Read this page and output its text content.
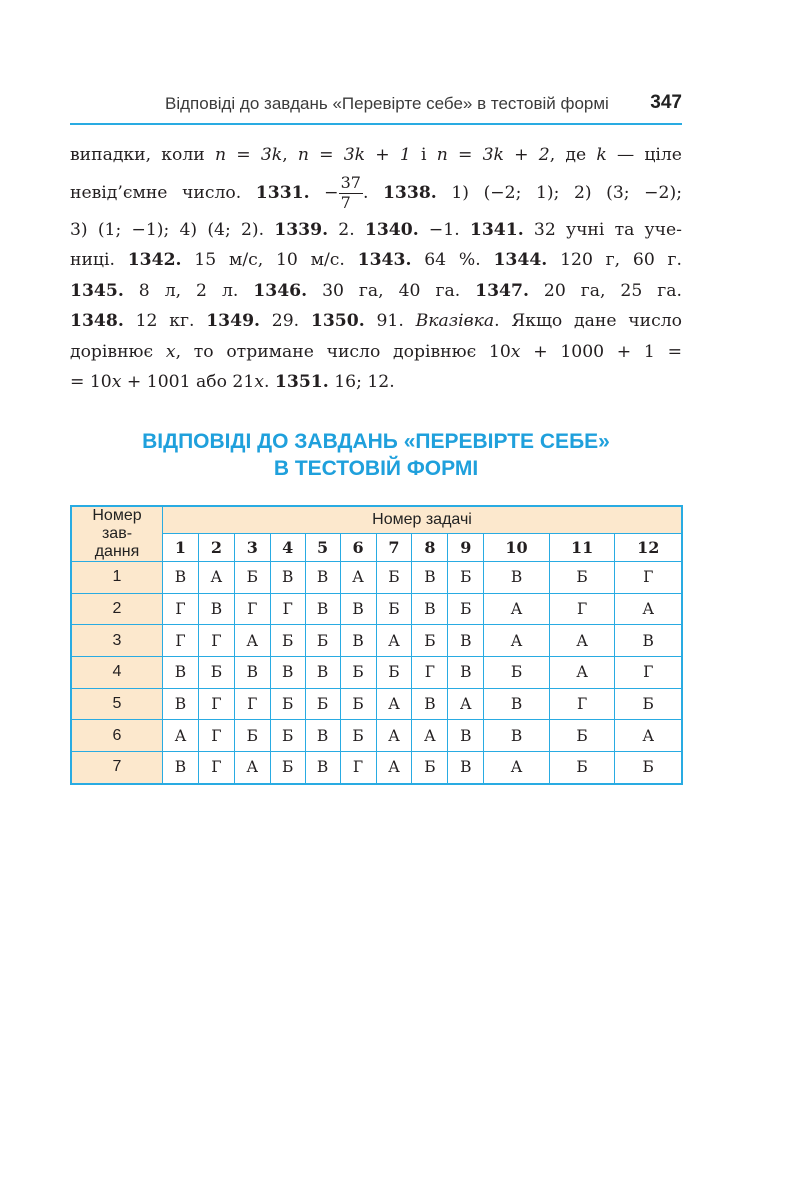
Відповіді до завдань «Перевірте себе» в тестовій формі 347
випадки, коли n = 3k, n = 3k + 1 і n = 3k + 2, де k — ціле
невід’ємне число. 1331. − $\frac{37}{7}$ . 1338. 1) (−2; 1); 2) (3; −2);
3) (1; −1); 4) (4; 2). 1339. 2. 1340. −1. 1341. 32 учні та уче-
ниці. 1342. 15 м/с, 10 м/с. 1343. 64 %. 1344. 120 г, 60 г.
1345. 8 л, 2 л. 1346. 30 га, 40 га. 1347. 20 га, 25 га.
1348. 12 кг. 1349. 29. 1350. 91. Вказівка. Якщо дане число
дорівнює x, то отримане число дорівнює 10x + 1000 + 1 =
= 10x + 1001 або 21x. 1351. 16; 12.
ВІДПОВІДІ ДО ЗАВДАНЬ «ПЕРЕВІРТЕ СЕБЕ»
В ТЕСТОВІЙ ФОРМІ
Номер
зав-
дання	Номер задачі											
	1	2	3	4	5	6	7	8	9	10	11	12
1	В	А	Б	В	В	А	Б	В	Б	В	Б	Г
2	Г	В	Г	Г	В	В	Б	В	Б	А	Г	А
3	Г	Г	А	Б	Б	В	А	Б	В	А	А	В
4	В	Б	В	В	В	Б	Б	Г	В	Б	А	Г
5	В	Г	Г	Б	Б	Б	А	В	А	В	Г	Б
6	А	Г	Б	Б	В	Б	А	А	В	В	Б	А
7	В	Г	А	Б	В	Г	А	Б	В	А	Б	Б
